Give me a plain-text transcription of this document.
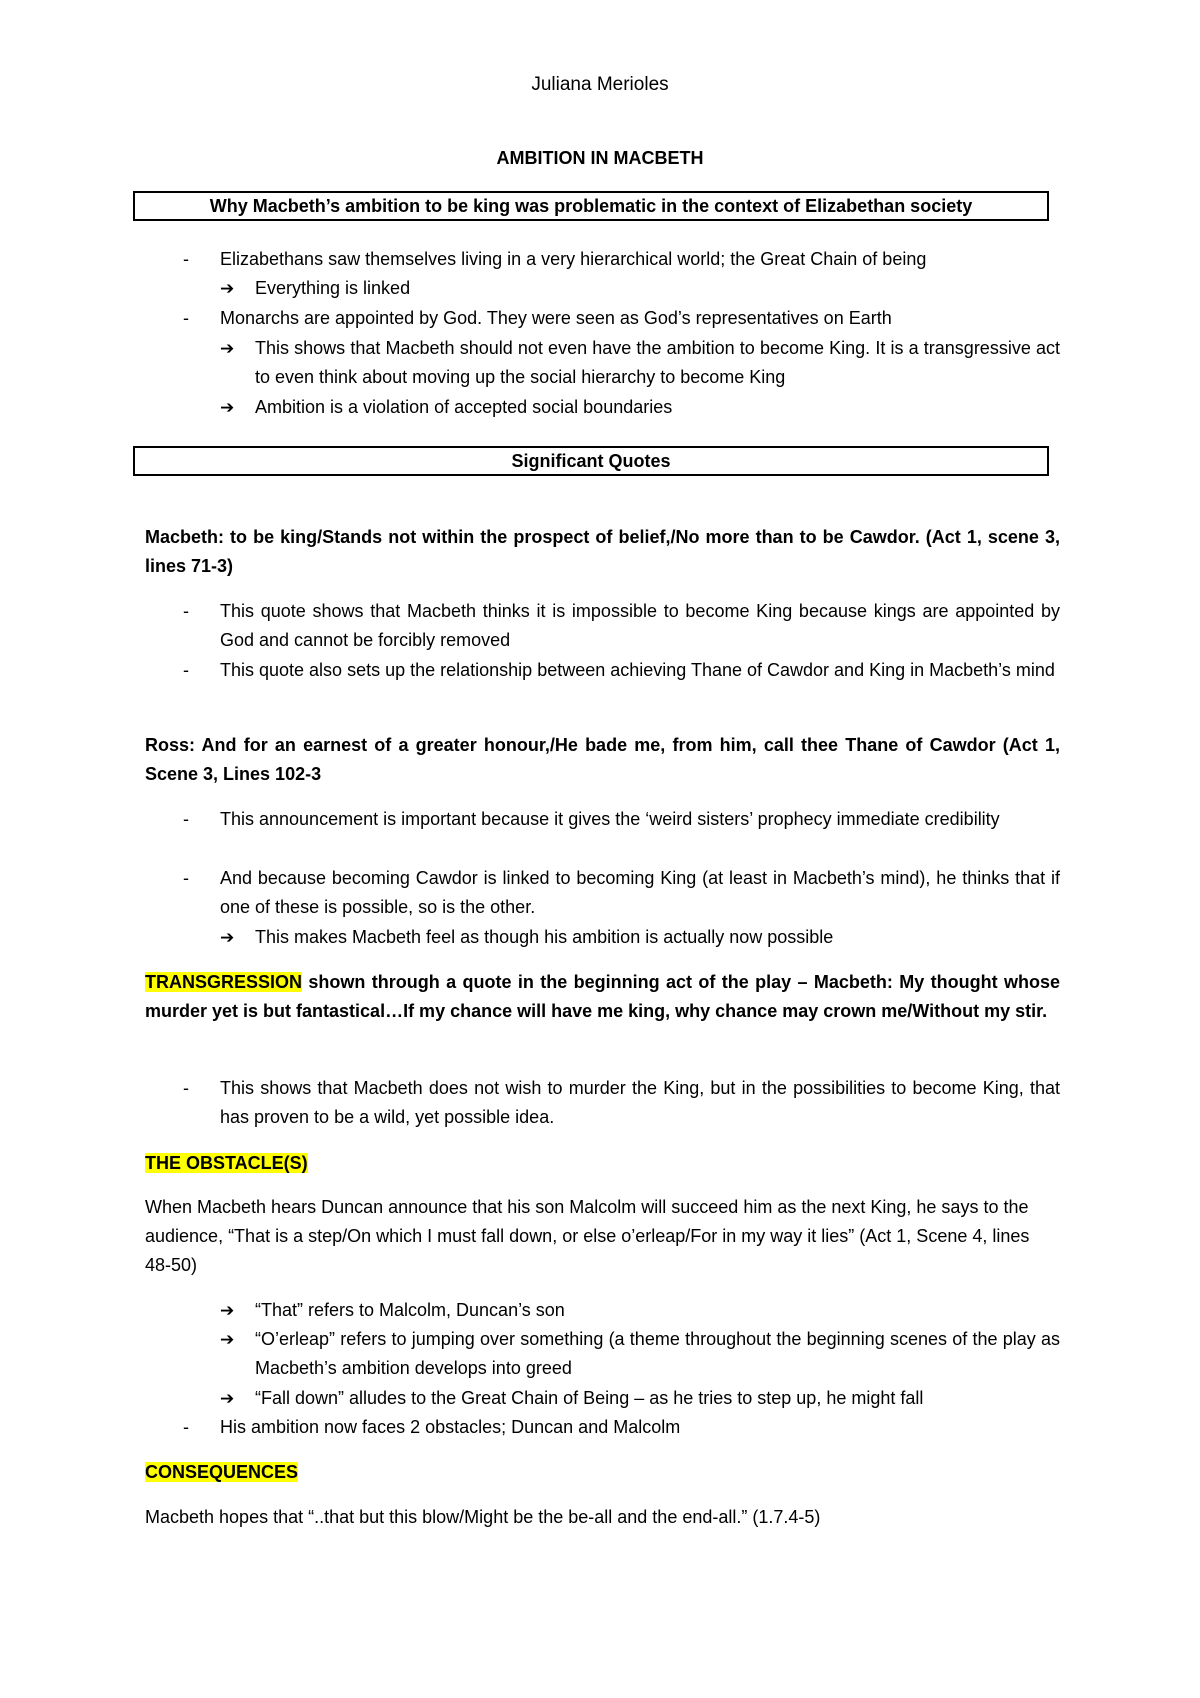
Juliana Merioles
AMBITION IN MACBETH
Why Macbeth’s ambition to be king was problematic in the context of Elizabethan society
- Elizabethans saw themselves living in a very hierarchical world; the Great Chain of being
➔ Everything is linked
- Monarchs are appointed by God. They were seen as God’s representatives on Earth
➔ This shows that Macbeth should not even have the ambition to become King. It is a transgressive act to even think about moving up the social hierarchy to become King
➔ Ambition is a violation of accepted social boundaries
Significant Quotes
Macbeth: to be king/Stands not within the prospect of belief,/No more than to be Cawdor. (Act 1, scene 3, lines 71-3)
- This quote shows that Macbeth thinks it is impossible to become King because kings are appointed by God and cannot be forcibly removed
- This quote also sets up the relationship between achieving Thane of Cawdor and King in Macbeth’s mind
Ross: And for an earnest of a greater honour,/He bade me, from him, call thee Thane of Cawdor (Act 1, Scene 3, Lines 102-3
- This announcement is important because it gives the ‘weird sisters’ prophecy immediate credibility
- And because becoming Cawdor is linked to becoming King (at least in Macbeth’s mind), he thinks that if one of these is possible, so is the other.
➔ This makes Macbeth feel as though his ambition is actually now possible
TRANSGRESSION shown through a quote in the beginning act of the play – Macbeth: My thought whose murder yet is but fantastical…If my chance will have me king, why chance may crown me/Without my stir.
- This shows that Macbeth does not wish to murder the King, but in the possibilities to become King, that has proven to be a wild, yet possible idea.
THE OBSTACLE(S)
When Macbeth hears Duncan announce that his son Malcolm will succeed him as the next King, he says to the audience, “That is a step/On which I must fall down, or else o’erleap/For in my way it lies” (Act 1, Scene 4, lines 48-50)
➔ “That” refers to Malcolm, Duncan’s son
➔ “O’erleap” refers to jumping over something (a theme throughout the beginning scenes of the play as Macbeth’s ambition develops into greed
➔ “Fall down” alludes to the Great Chain of Being – as he tries to step up, he might fall
- His ambition now faces 2 obstacles; Duncan and Malcolm
CONSEQUENCES
Macbeth hopes that “..that but this blow/Might be the be-all and the end-all.” (1.7.4-5)
